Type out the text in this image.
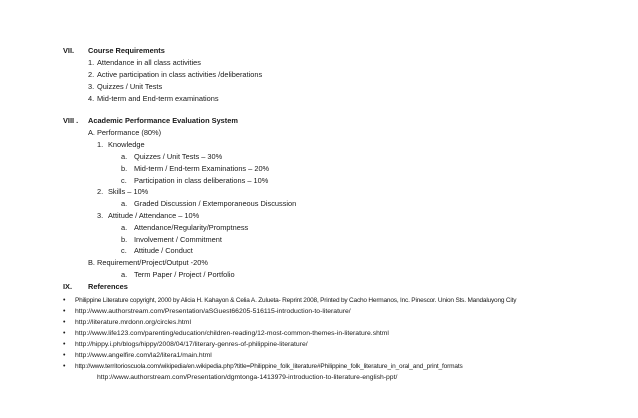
VII. Course Requirements
1. Attendance in all class activities
2. Active participation in class activities /deliberations
3. Quizzes / Unit Tests
4. Mid-term and End-term examinations
VIII . Academic Performance Evaluation System
A. Performance (80%)
1. Knowledge
a. Quizzes / Unit Tests – 30%
b. Mid-term / End-term Examinations – 20%
c. Participation in class deliberations – 10%
2. Skills – 10%
a. Graded Discussion / Extemporaneous Discussion
3. Attitude / Attendance – 10%
a. Attendance/Regularity/Promptness
b. Involvement / Commitment
c. Attitude / Conduct
B. Requirement/Project/Output -20%
a. Term Paper / Project / Portfolio
IX. References
• Philippine Literature copyright, 2000 by Alicia H. Kahayon & Celia A. Zulueta- Reprint 2008, Printed by Cacho Hermanos, Inc. Pinescor. Union Sts. Mandaluyong City
• http://www.authorstream.com/Presentation/aSGuest66205-516115-introduction-to-literature/
• http://literature.mrdonn.org/circles.html
• http://www.life123.com/parenting/education/children-reading/12-most-common-themes-in-literature.shtml
• http://hippy.i.ph/blogs/hippy/2008/04/17/literary-genres-of-philippine-literature/
• http://www.angelfire.com/la2/litera1/main.html
• http://www.territorioscuola.com/wikipedia/en.wikipedia.php?title=Philippine_folk_literature#Philippine_folk_literature_in_oral_and_print_formats
http://www.authorstream.com/Presentation/dgmtonga-1413979-introduction-to-literature-english-ppt/
